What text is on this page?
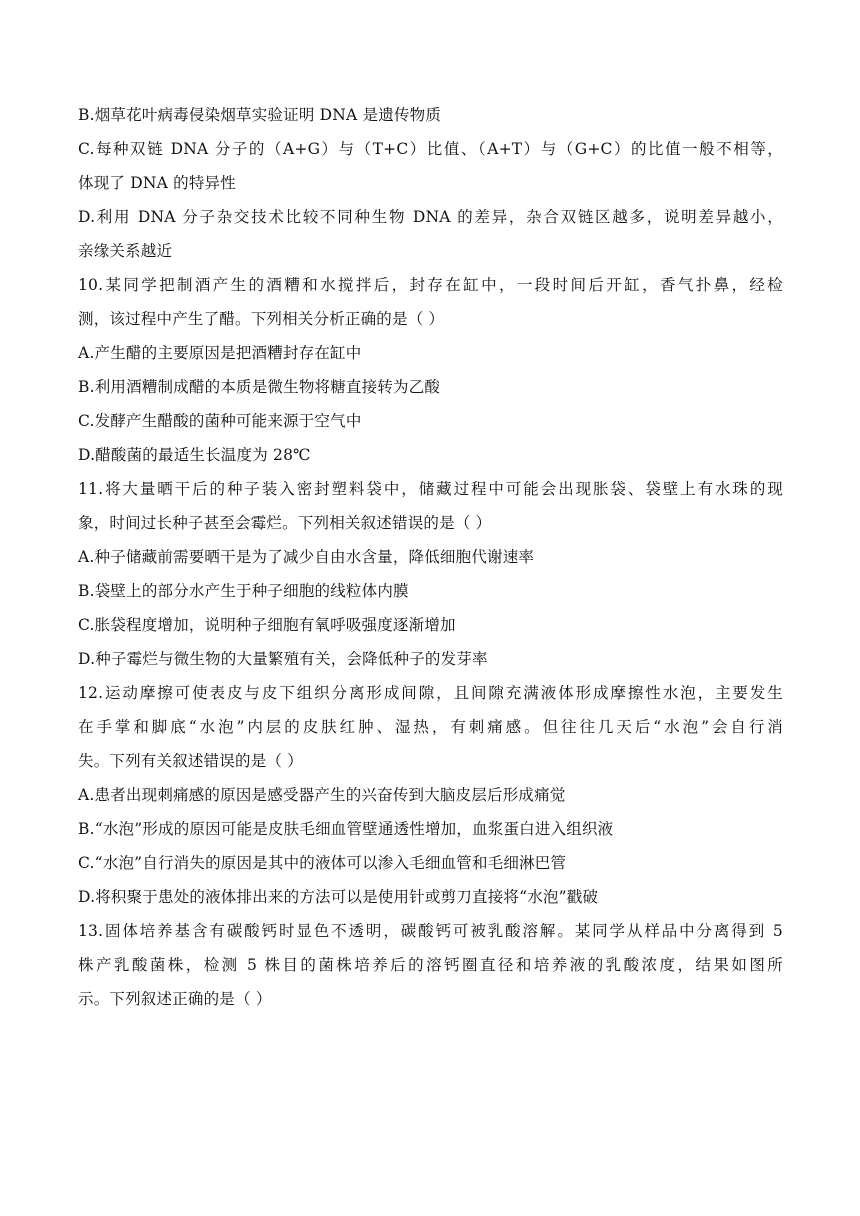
B.烟草花叶病毒侵染烟草实验证明 DNA 是遗传物质
C.每种双链 DNA 分子的（A+G）与（T+C）比值、（A+T）与（G+C）的比值一般不相等，
体现了 DNA 的特异性
D.利用 DNA 分子杂交技术比较不同种生物 DNA 的差异，杂合双链区越多，说明差异越小，
亲缘关系越近
10.某同学把制酒产生的酒糟和水搅拌后，封存在缸中，一段时间后开缸，香气扑鼻，经检
测，该过程中产生了醋。下列相关分析正确的是（ ）
A.产生醋的主要原因是把酒糟封存在缸中
B.利用酒糟制成醋的本质是微生物将糖直接转为乙酸
C.发酵产生醋酸的菌种可能来源于空气中
D.醋酸菌的最适生长温度为 28℃
11.将大量晒干后的种子装入密封塑料袋中，储藏过程中可能会出现胀袋、袋壁上有水珠的现
象，时间过长种子甚至会霉烂。下列相关叙述错误的是（ ）
A.种子储藏前需要晒干是为了减少自由水含量，降低细胞代谢速率
B.袋壁上的部分水产生于种子细胞的线粒体内膜
C.胀袋程度增加，说明种子细胞有氧呼吸强度逐渐增加
D.种子霉烂与微生物的大量繁殖有关，会降低种子的发芽率
12.运动摩擦可使表皮与皮下组织分离形成间隙，且间隙充满液体形成摩擦性水泡，主要发生
在手掌和脚底“水泡”内层的皮肤红肿、湿热，有刺痛感。但往往几天后“水泡”会自行消
失。下列有关叙述错误的是（ ）
A.患者出现刺痛感的原因是感受器产生的兴奋传到大脑皮层后形成痛觉
B.“水泡”形成的原因可能是皮肤毛细血管壁通透性增加，血浆蛋白进入组织液
C.“水泡”自行消失的原因是其中的液体可以渗入毛细血管和毛细淋巴管
D.将积聚于患处的液体排出来的方法可以是使用针或剪刀直接将“水泡”戳破
13.固体培养基含有碳酸钙时显色不透明，碳酸钙可被乳酸溶解。某同学从样品中分离得到 5
株产乳酸菌株，检测 5 株目的菌株培养后的溶钙圈直径和培养液的乳酸浓度，结果如图所
示。下列叙述正确的是（ ）
